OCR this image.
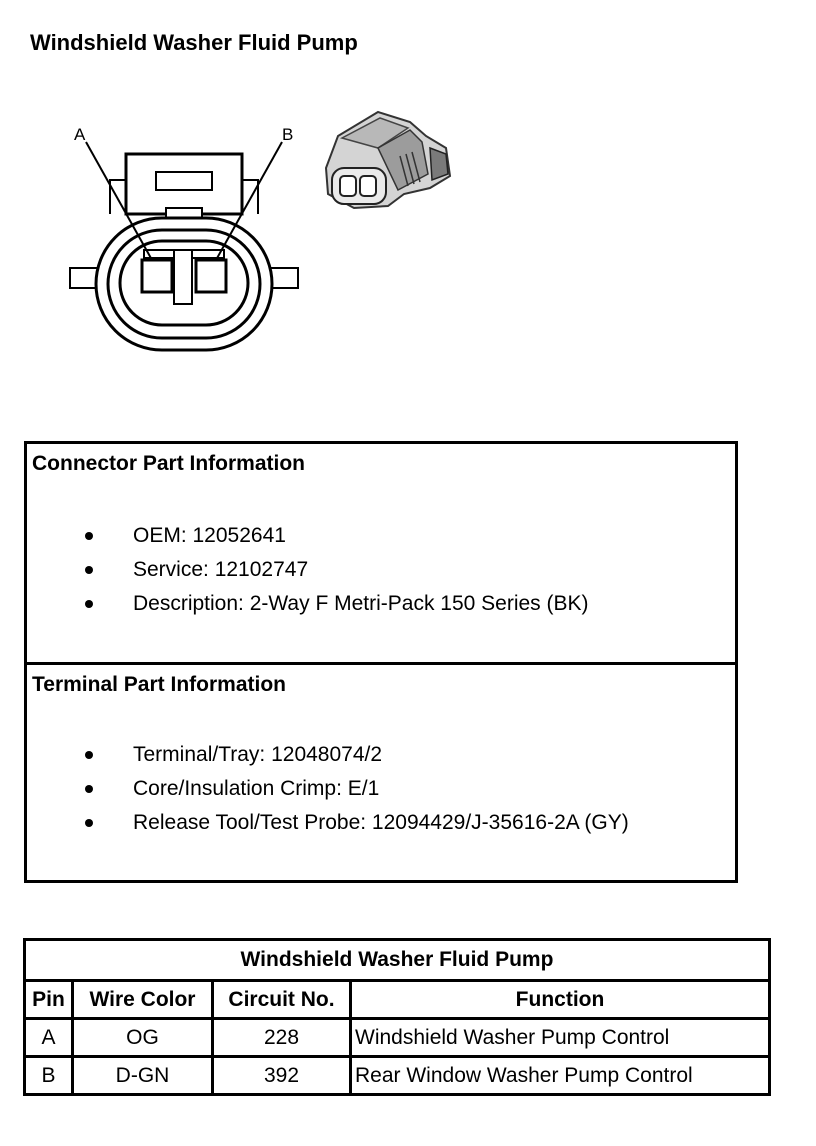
Windshield Washer Fluid Pump
A	B
Connector Part Information
OEM: 12052641
Service: 12102747
Description: 2-Way F Metri-Pack 150 Series (BK)
Terminal Part Information
Terminal/Tray: 12048074/2
Core/Insulation Crimp: E/1
Release Tool/Test Probe: 12094429/J-35616-2A (GY)
Windshield Washer Fluid Pump			
Pin	Wire Color	Circuit No.	Function
A	OG	228	Windshield Washer Pump Control
B	D-GN	392	Rear Window Washer Pump Control
